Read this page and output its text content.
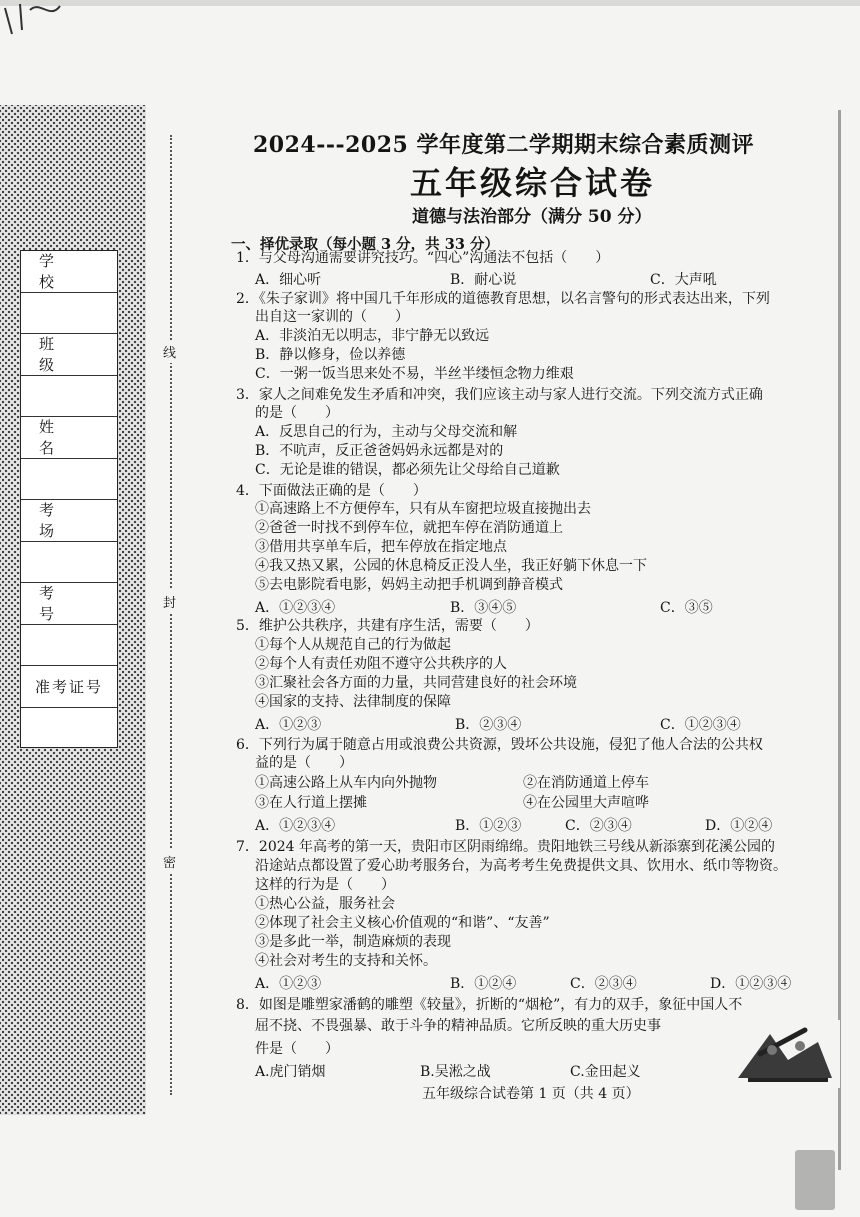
学 校
班 级
姓 名
考 场
考 号
准考证号
线
封
密
2024---2025 学年度第二学期期末综合素质测评
五年级综合试卷
道德与法治部分（满分 50 分）
一、择优录取（每小题 3 分，共 33 分）
1．与父母沟通需要讲究技巧。“四心”沟通法不包括（　　）
A．细心听	B．耐心说	C．大声吼
2．《朱子家训》将中国几千年形成的道德教育思想，以名言警句的形式表达出来，下列
出自这一家训的（　　）
A．非淡泊无以明志，非宁静无以致远
B．静以修身，俭以养德
C．一粥一饭当思来处不易，半丝半缕恒念物力维艰
3．家人之间难免发生矛盾和冲突，我们应该主动与家人进行交流。下列交流方式正确
的是（　　）
A．反思自己的行为，主动与父母交流和解
B．不吭声，反正爸爸妈妈永远都是对的
C．无论是谁的错误，都必须先让父母给自己道歉
4．下面做法正确的是（　　）
①高速路上不方便停车，只有从车窗把垃圾直接抛出去
②爸爸一时找不到停车位，就把车停在消防通道上
③借用共享单车后，把车停放在指定地点
④我又热又累，公园的休息椅反正没人坐，我正好躺下休息一下
⑤去电影院看电影，妈妈主动把手机调到静音模式
A．①②③④	B．③④⑤	C．③⑤
5．维护公共秩序，共建有序生活，需要（　　）
①每个人从规范自己的行为做起
②每个人有责任劝阻不遵守公共秩序的人
③汇聚社会各方面的力量，共同营建良好的社会环境
④国家的支持、法律制度的保障
A．①②③	B．②③④	C．①②③④
6．下列行为属于随意占用或浪费公共资源，毁坏公共设施，侵犯了他人合法的公共权
益的是（　　）
①高速公路上从车内向外抛物	②在消防通道上停车
③在人行道上摆摊	④在公园里大声喧哗
A．①②③④	B．①②③	C．②③④	D．①②④
7．2024 年高考的第一天，贵阳市区阴雨绵绵。贵阳地铁三号线从新添寨到花溪公园的
沿途站点都设置了爱心助考服务台，为高考考生免费提供文具、饮用水、纸巾等物资。
这样的行为是（　　）
①热心公益，服务社会
②体现了社会主义核心价值观的“和谐”、“友善”
③是多此一举，制造麻烦的表现
④社会对考生的支持和关怀。
A．①②③	B．①②④	C．②③④	D．①②③④
8．如图是雕塑家潘鹤的雕塑《较量》，折断的“烟枪”，有力的双手，象征中国人不
屈不挠、不畏强暴、敢于斗争的精神品质。它所反映的重大历史事
件是（　　）
A.虎门销烟	B.吴淞之战	C.金田起义
五年级综合试卷第 1 页（共 4 页）
